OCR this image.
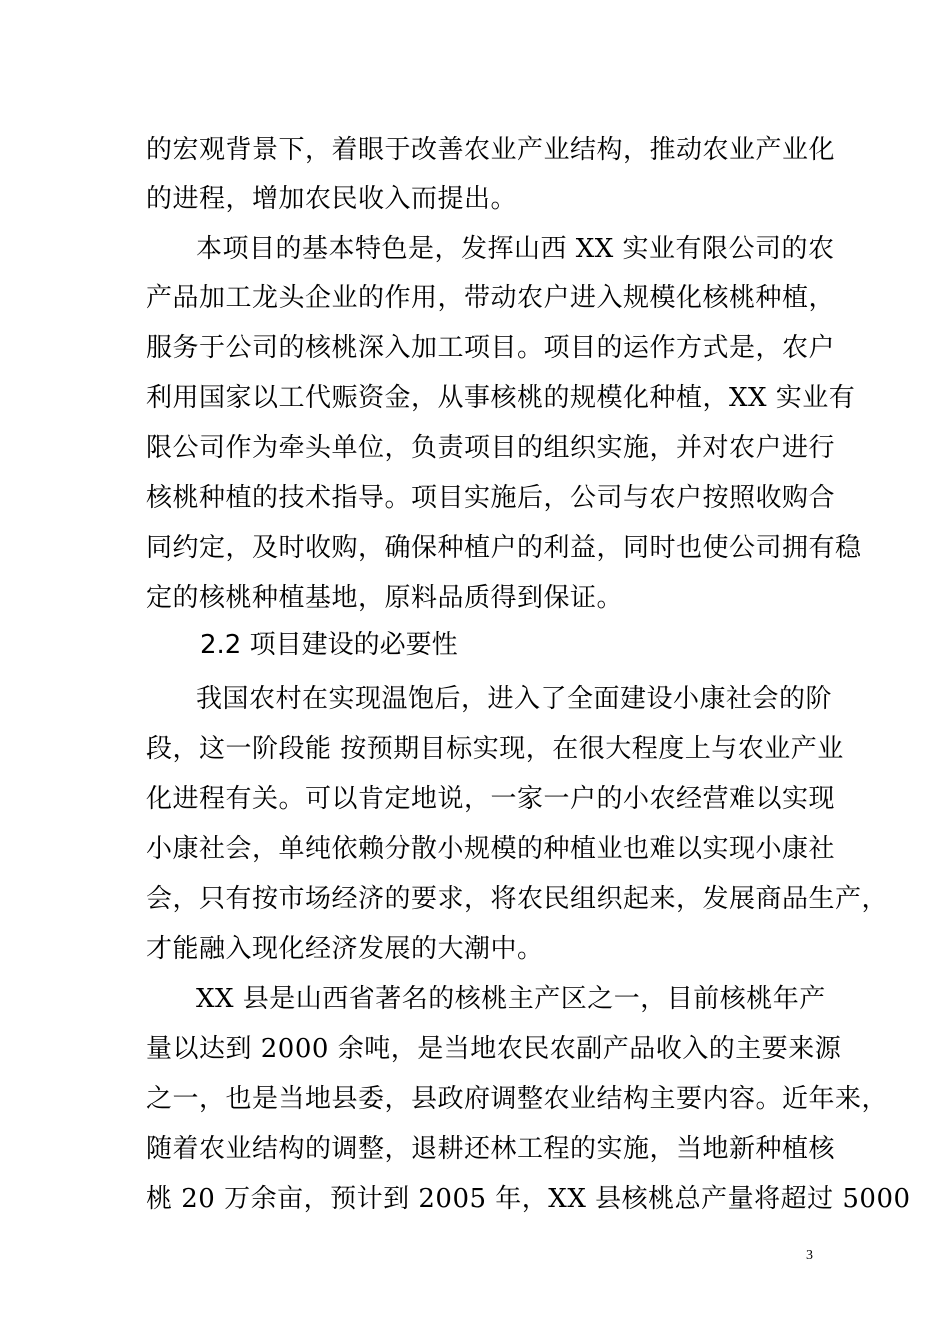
的宏观背景下，着眼于改善农业产业结构，推动农业产业化
的进程，增加农民收入而提出。
本项目的基本特色是，发挥山西 XX 实业有限公司的农
产品加工龙头企业的作用，带动农户进入规模化核桃种植，
服务于公司的核桃深入加工项目。项目的运作方式是，农户
利用国家以工代赈资金，从事核桃的规模化种植，XX 实业有
限公司作为牵头单位，负责项目的组织实施，并对农户进行
核桃种植的技术指导。项目实施后，公司与农户按照收购合
同约定，及时收购，确保种植户的利益，同时也使公司拥有稳
定的核桃种植基地，原料品质得到保证。
2.2 项目建设的必要性
我国农村在实现温饱后，进入了全面建设小康社会的阶
段，这一阶段能 按预期目标实现，在很大程度上与农业产业
化进程有关。可以肯定地说，一家一户的小农经营难以实现
小康社会，单纯依赖分散小规模的种植业也难以实现小康社
会，只有按市场经济的要求，将农民组织起来，发展商品生产，
才能融入现化经济发展的大潮中。
XX 县是山西省著名的核桃主产区之一，目前核桃年产
量以达到 2000 余吨，是当地农民农副产品收入的主要来源
之一，也是当地县委，县政府调整农业结构主要内容。近年来，
随着农业结构的调整，退耕还林工程的实施，当地新种植核
桃 20 万余亩，预计到 2005 年，XX 县核桃总产量将超过 5000
3
